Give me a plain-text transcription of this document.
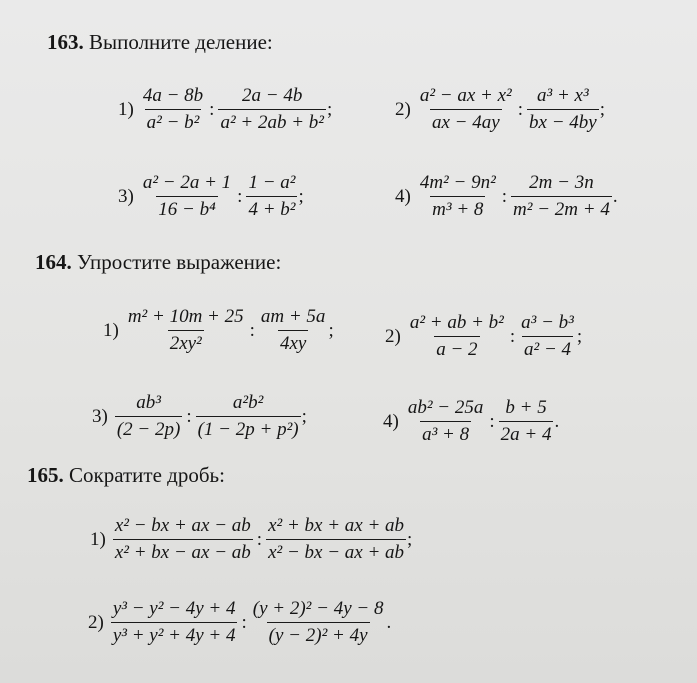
163. Выполните деление:
$1) \frac{4a - 8b}{\text{a² − b²}}$ : $\frac{2a - 4b}{\text{a² + 2ab + b²}}$ ;	$2) \frac{\text{a² − ax + x²}}{ax - 4ay}$ : $\frac{\text{a³ + x³}}{bx - 4by}$ ;
$3) \frac{\text{a² − 2a + 1}}{\text{16 − b⁴}}$ : $\frac{\text{1 − a²}}{\text{4 + b²}}$ ;	$4) \frac{\text{4m² − 9n²}}{\text{m³ + 8}}$ : $\frac{2m - 3n}{\text{m² − 2m + 4}}$ .
164. Упростите выражение:
$1) \frac{\text{m² + 10m + 25}}{\text{2xy²}}$ : $\frac{am + 5a}{4xy}$ ;	$2) \frac{\text{a² + ab + b²}}{a - 2}$ : $\frac{\text{a³ − b³}}{\text{a² − 4}}$ ;
$3) \frac{\text{ab³}}{(2 - 2p)}$ : $\frac{\text{a²b²}}{\text{(1 − 2p + p²)}}$ ;	$4) \frac{\text{ab² − 25a}}{\text{a³ + 8}}$ : $\frac{b + 5}{2a + 4}$ .
165. Сократите дробь:
$1) \frac{\text{x² − bx + ax − ab}}{\text{x² + bx − ax − ab}}$ : $\frac{\text{x² + bx + ax + ab}}{\text{x² − bx − ax + ab}}$ ;
$2) \frac{\text{y³ − y² − 4y + 4}}{\text{y³ + y² + 4y + 4}}$ : $\frac{\text{(y + 2)² − 4y − 8}}{\text{(y − 2)² + 4y}}$ .
